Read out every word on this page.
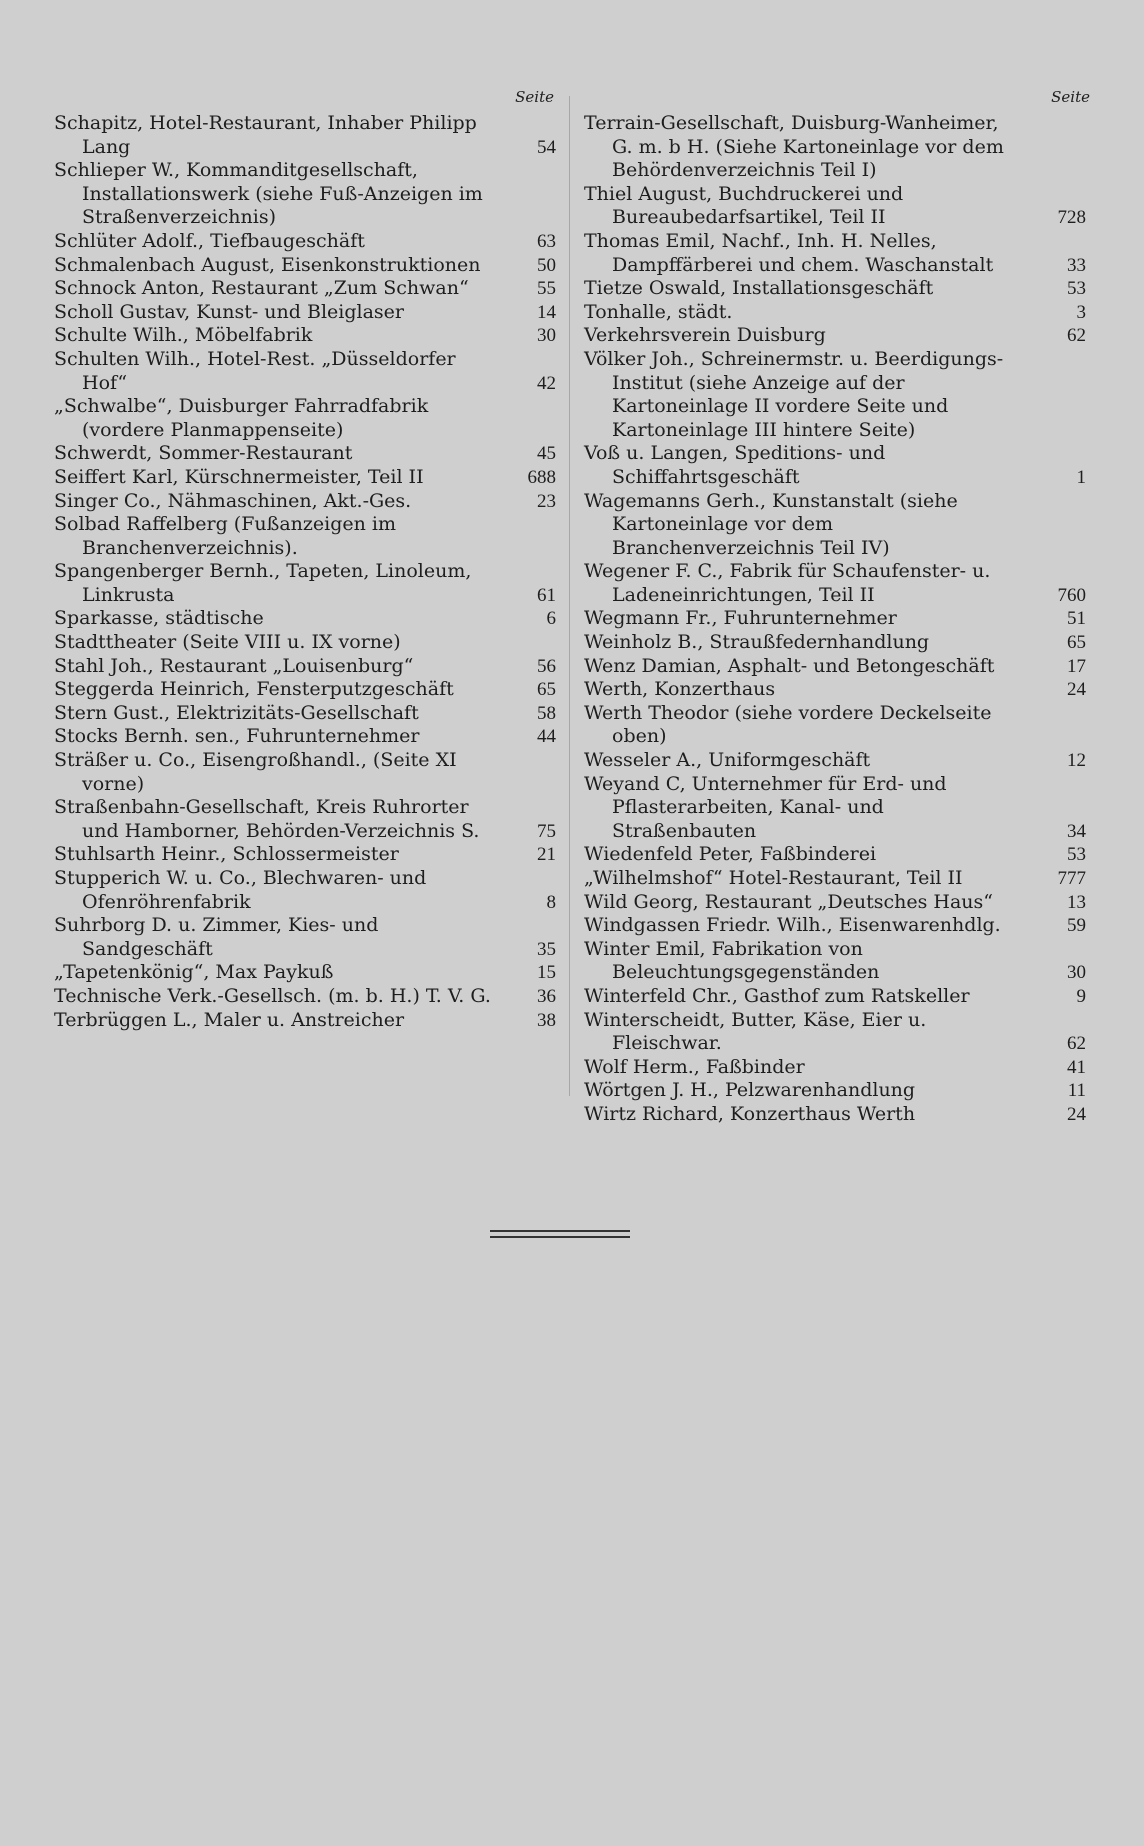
Seite
Schapitz, Hotel-Restaurant, Inhaber Philipp Lang	54
Schlieper W., Kommanditgesellschaft, Installationswerk (siehe Fuß-Anzeigen im Straßenverzeichnis)
Schlüter Adolf., Tiefbaugeschäft	63
Schmalenbach August, Eisenkonstruktionen	50
Schnock Anton, Restaurant „Zum Schwan“	55
Scholl Gustav, Kunst- und Bleiglaser	14
Schulte Wilh., Möbelfabrik	30
Schulten Wilh., Hotel-Rest. „Düsseldorfer Hof“	42
„Schwalbe“, Duisburger Fahrradfabrik (vordere Planmappenseite)
Schwerdt, Sommer-Restaurant	45
Seiffert Karl, Kürschnermeister, Teil II	688
Singer Co., Nähmaschinen, Akt.-Ges.	23
Solbad Raffelberg (Fußanzeigen im Branchenverzeichnis).
Spangenberger Bernh., Tapeten, Linoleum, Linkrusta	61
Sparkasse, städtische	6
Stadttheater (Seite VIII u. IX vorne)
Stahl Joh., Restaurant „Louisenburg“	56
Steggerda Heinrich, Fensterputzgeschäft	65
Stern Gust., Elektrizitäts-Gesellschaft	58
Stocks Bernh. sen., Fuhrunternehmer	44
Sträßer u. Co., Eisengroßhandl., (Seite XI vorne)
Straßenbahn-Gesellschaft, Kreis Ruhrorter und Hamborner, Behörden-Verzeichnis S.	75
Stuhlsarth Heinr., Schlossermeister	21
Stupperich W. u. Co., Blechwaren- und Ofenröhrenfabrik	8
Suhrborg D. u. Zimmer, Kies- und Sandgeschäft	35
„Tapetenkönig“, Max Paykuß	15
Technische Verk.-Gesellsch. (m. b. H.) T. V. G.	36
Terbrüggen L., Maler u. Anstreicher	38
Seite
Terrain-Gesellschaft, Duisburg-Wanheimer, G. m. b H. (Siehe Kartoneinlage vor dem Behördenverzeichnis Teil I)
Thiel August, Buchdruckerei und Bureaubedarfsartikel, Teil II	728
Thomas Emil, Nachf., Inh. H. Nelles, Dampffärberei und chem. Waschanstalt	33
Tietze Oswald, Installationsgeschäft	53
Tonhalle, städt.	3
Verkehrsverein Duisburg	62
Völker Joh., Schreinermstr. u. Beerdigungs-Institut (siehe Anzeige auf der Kartoneinlage II vordere Seite und Kartoneinlage III hintere Seite)
Voß u. Langen, Speditions- und Schiffahrtsgeschäft	1
Wagemanns Gerh., Kunstanstalt (siehe Kartoneinlage vor dem Branchenverzeichnis Teil IV)
Wegener F. C., Fabrik für Schaufenster- u. Ladeneinrichtungen, Teil II	760
Wegmann Fr., Fuhrunternehmer	51
Weinholz B., Straußfedernhandlung	65
Wenz Damian, Asphalt- und Betongeschäft	17
Werth, Konzerthaus	24
Werth Theodor (siehe vordere Deckelseite oben)
Wesseler A., Uniformgeschäft	12
Weyand C, Unternehmer für Erd- und Pflasterarbeiten, Kanal- und Straßenbauten	34
Wiedenfeld Peter, Faßbinderei	53
„Wilhelmshof“ Hotel-Restaurant, Teil II	777
Wild Georg, Restaurant „Deutsches Haus“	13
Windgassen Friedr. Wilh., Eisenwarenhdlg.	59
Winter Emil, Fabrikation von Beleuchtungsgegenständen	30
Winterfeld Chr., Gasthof zum Ratskeller	9
Winterscheidt, Butter, Käse, Eier u. Fleischwar.	62
Wolf Herm., Faßbinder	41
Wörtgen J. H., Pelzwarenhandlung	11
Wirtz Richard, Konzerthaus Werth	24
